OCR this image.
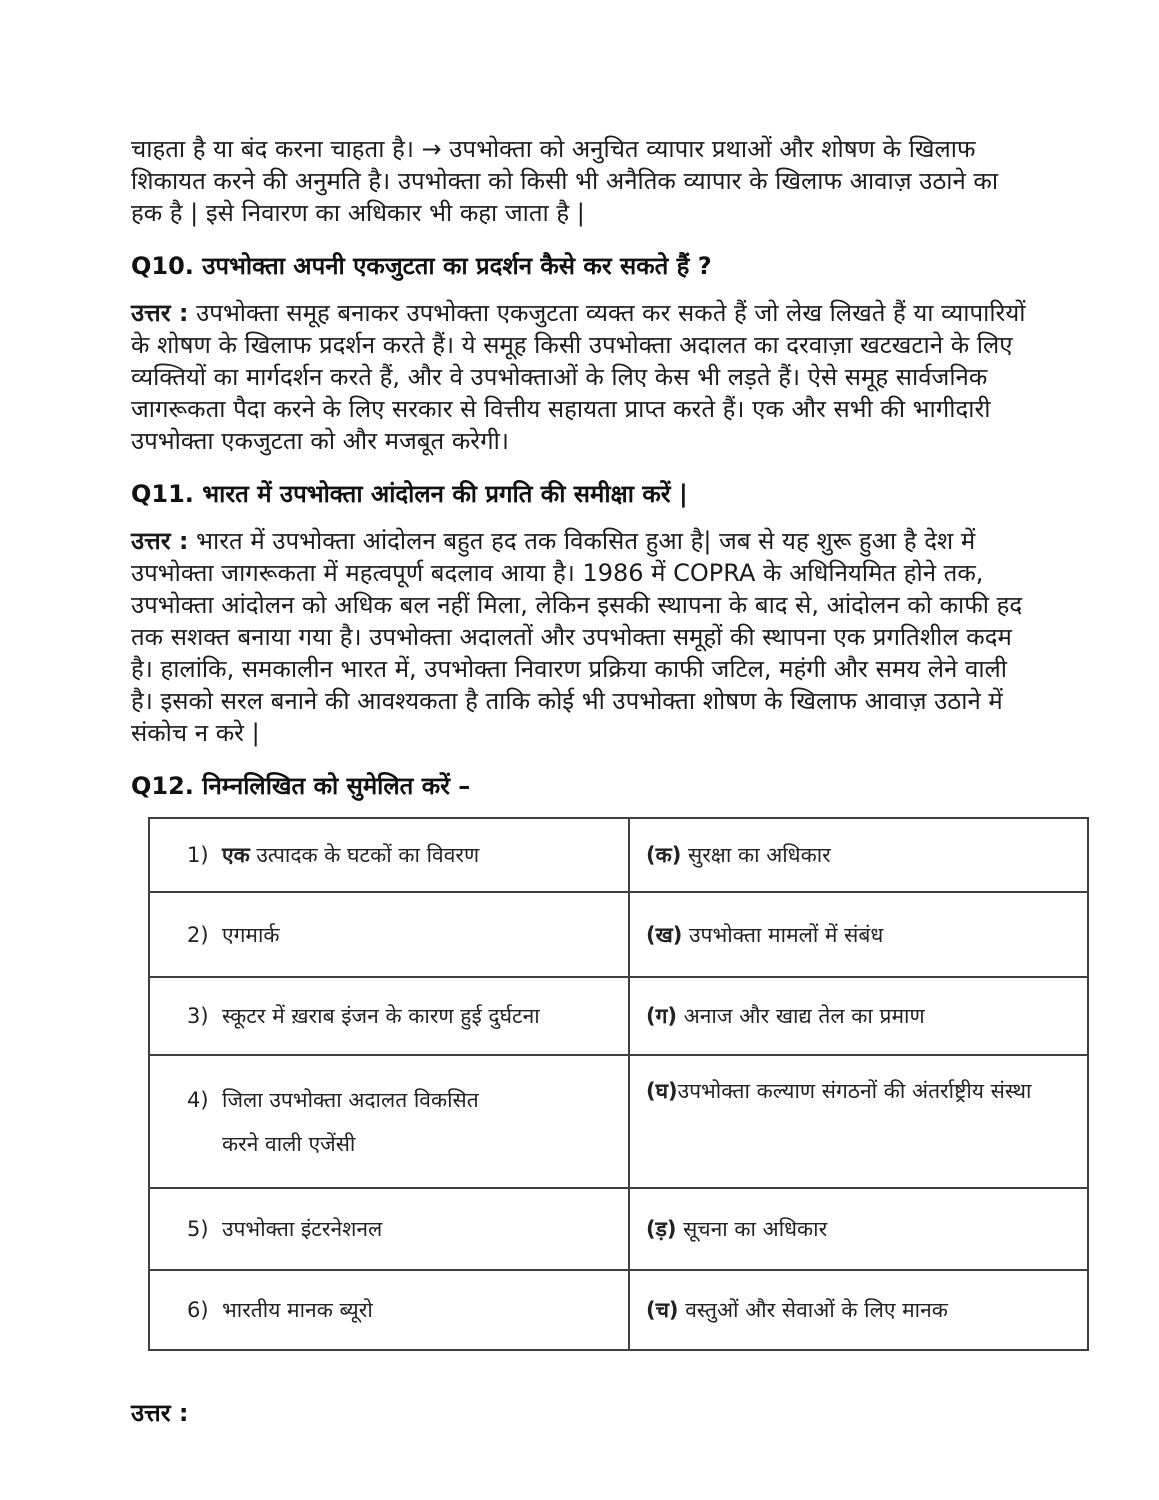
चाहता है या बंद करना चाहता है। → उपभोक्ता को अनुचित व्यापार प्रथाओं और शोषण के खिलाफ शिकायत करने की अनुमति है। उपभोक्ता को किसी भी अनैतिक व्यापार के खिलाफ आवाज़ उठाने का हक है | इसे निवारण का अधिकार भी कहा जाता है |

Q10. उपभोक्ता अपनी एकजुटता का प्रदर्शन कैसे कर सकते हैं ?

उत्तर : उपभोक्ता समूह बनाकर उपभोक्ता एकजुटता व्यक्त कर सकते हैं जो लेख लिखते हैं या व्यापारियों के शोषण के खिलाफ प्रदर्शन करते हैं। ये समूह किसी उपभोक्ता अदालत का दरवाज़ा खटखटाने के लिए व्यक्तियों का मार्गदर्शन करते हैं, और वे उपभोक्ताओं के लिए केस भी लड़ते हैं। ऐसे समूह सार्वजनिक जागरूकता पैदा करने के लिए सरकार से वित्तीय सहायता प्राप्त करते हैं। एक और सभी की भागीदारी उपभोक्ता एकजुटता को और मजबूत करेगी।

Q11. भारत में उपभोक्ता आंदोलन की प्रगति की समीक्षा करें |

उत्तर : भारत में उपभोक्ता आंदोलन बहुत हद तक विकसित हुआ है| जब से यह शुरू हुआ है देश में उपभोक्ता जागरूकता में महत्वपूर्ण बदलाव आया है। 1986 में COPRA के अधिनियमित होने तक, उपभोक्ता आंदोलन को अधिक बल नहीं मिला, लेकिन इसकी स्थापना के बाद से, आंदोलन को काफी हद तक सशक्त बनाया गया है। उपभोक्ता अदालतों और उपभोक्ता समूहों की स्थापना एक प्रगतिशील कदम है। हालांकि, समकालीन भारत में, उपभोक्ता निवारण प्रक्रिया काफी जटिल, महंगी और समय लेने वाली है। इसको सरल बनाने की आवश्यकता है ताकि कोई भी उपभोक्ता शोषण के खिलाफ आवाज़ उठाने में संकोच न करे |

Q12. निम्नलिखित को सुमेलित करें –
1) एक उत्पादक के घटकों का विवरण	(क) सुरक्षा का अधिकार
2) एगमार्क	(ख) उपभोक्ता मामलों में संबंध
3) स्कूटर में ख़राब इंजन के कारण हुई दुर्घटना	(ग) अनाज और खाद्य तेल का प्रमाण

4) जिला उपभोक्ता अदालत विकसित
करने वाली एजेंसी	(घ)उपभोक्ता कल्याण संगठनों की अंतर्राष्ट्रीय संस्था
5) उपभोक्ता इंटरनेशनल	(ड़) सूचना का अधिकार
6) भारतीय मानक ब्यूरो	(च) वस्तुओं और सेवाओं के लिए मानक

उत्तर :
